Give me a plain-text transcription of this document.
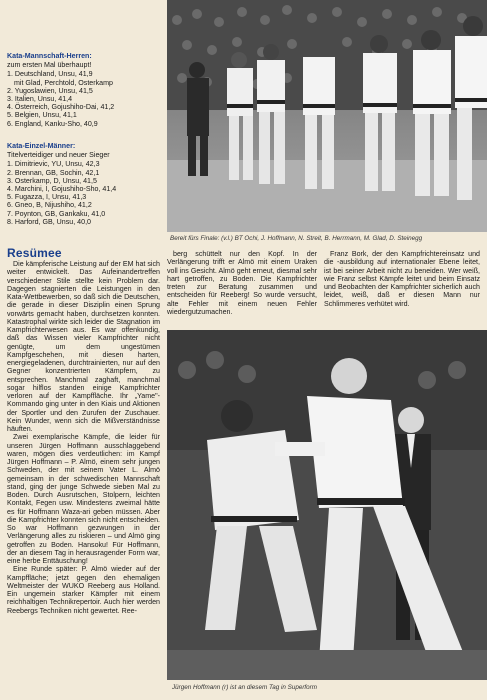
Kata-Mannschaft-Herren:
zum ersten Mal überhaupt!
1. Deutschland, Unsu, 41,9
mit Glad, Perchtold, Osterkamp
2. Yugoslawien, Unsu, 41,5
3. Italien, Unsu, 41,4
4. Österreich, Gojushiho-Dai, 41,2
5. Belgien, Unsu, 41,1
6. England, Kanku-Sho, 40,9
Kata-Einzel-Männer:
Titelverteidiger und neuer Sieger
1. Dimitrievic, YU, Unsu, 42,3
2. Brennan, GB, Sochin, 42,1
3. Osterkamp, D, Unsu, 41,5
4. Marchini, I, Gojushiho-Sho, 41,4
5. Fugazza, I, Unsu, 41,3
6. Gneo, B, Nijushiho, 41,2
7. Poynton, GB, Gankaku, 41,0
8. Harford, GB, Unsu, 40,0
Resümee

Die kämpferische Leistung auf der EM hat sich weiter entwickelt. Das Aufeinandertreffen verschiedener Stile stellte kein Problem dar. Dagegen stagnierten die Leistungen in den Kata-Wettbewerben, so daß sich die Deutschen, die gerade in dieser Disziplin einen Sprung vorwärts gemacht haben, durchsetzen konnten. Katastrophal wirkte sich leider die Stagnation im Kampfrichterwesen aus. Es war offenkundig, daß das Wissen vieler Kampfrichter nicht genügte, um dem ungestümen Kampfgeschehen, mit diesen harten, energiegeladenen, durchtrainierten, nur auf den Gegner konzentrierten Kämpfern, zu entsprechen. Manchmal zaghaft, manchmal sogar hilflos standen einige Kampfrichter verloren auf der Kampffläche. Ihr „Yame"-Kommando ging unter in den Kiais und Aktionen der Sportler und den Zurufen der Zuschauer. Kein Wunder, wenn sich die Mißverständnisse häuften.

Zwei exemplarische Kämpfe, die leider für unseren Jürgen Hoffmann ausschlaggebend waren, mögen dies verdeutlichen: im Kampf Jürgen Hoffmann – P. Almö, einem sehr jungen Schweden, der mit seinem Vater L. Almö gemeinsam in der schwedischen Mannschaft stand, ging der junge Schwede sieben Mal zu Boden. Durch Ausrutschen, Stolpern, leichten Kontakt, Fegen usw. Mindestens zweimal hätte es für Hoffmann Waza-ari geben müssen. Aber die Kampfrichter konnten sich nicht entscheiden. So war Hoffmann gezwungen in der Verlängerung alles zu riskieren – und Almö ging getroffen zu Boden. Hansoku! Für Hoffmann, der an diesem Tag in herausragender Form war, eine herbe Enttäuschung!

Eine Runde später: P. Almö wieder auf der Kampffläche; jetzt gegen den ehemaligen Weltmeister der WUKO Reeberg aus Holland. Ein ungemein starker Kämpfer mit einem reichhaltigen Technikrepertoir. Auch hier werden Reebergs Techniken nicht gewertet. Ree-

Bereit fürs Finale: (v.l.) BT Ochi, J. Hoffmann, N. Streit, B. Herrmann, M. Glad, D. Steinegg

berg schüttelt nur den Kopf. In der Verlängerung trifft er Almö mit einem Uraken voll ins Gesicht. Almö geht erneut, diesmal sehr hart getroffen, zu Boden. Die Kampfrichter treten zur Beratung zusammen und entscheiden für Reeberg! So wurde versucht, alte Fehler mit einem neuen Fehler wiedergutzumachen.

Franz Bork, der den Kampfrichtereinsatz und die -ausbildung auf internationaler Ebene leitet, ist bei seiner Arbeit nicht zu beneiden. Wer weiß, wie Franz selbst Kämpfe leitet und beim Einsatz und Beobachten der Kampfrichter sicherlich auch leidet, weiß, daß er diesen Mann nur Schlimmeres verhütet wird.

Jürgen Hoffmann (r) ist an diesem Tag in Superform
